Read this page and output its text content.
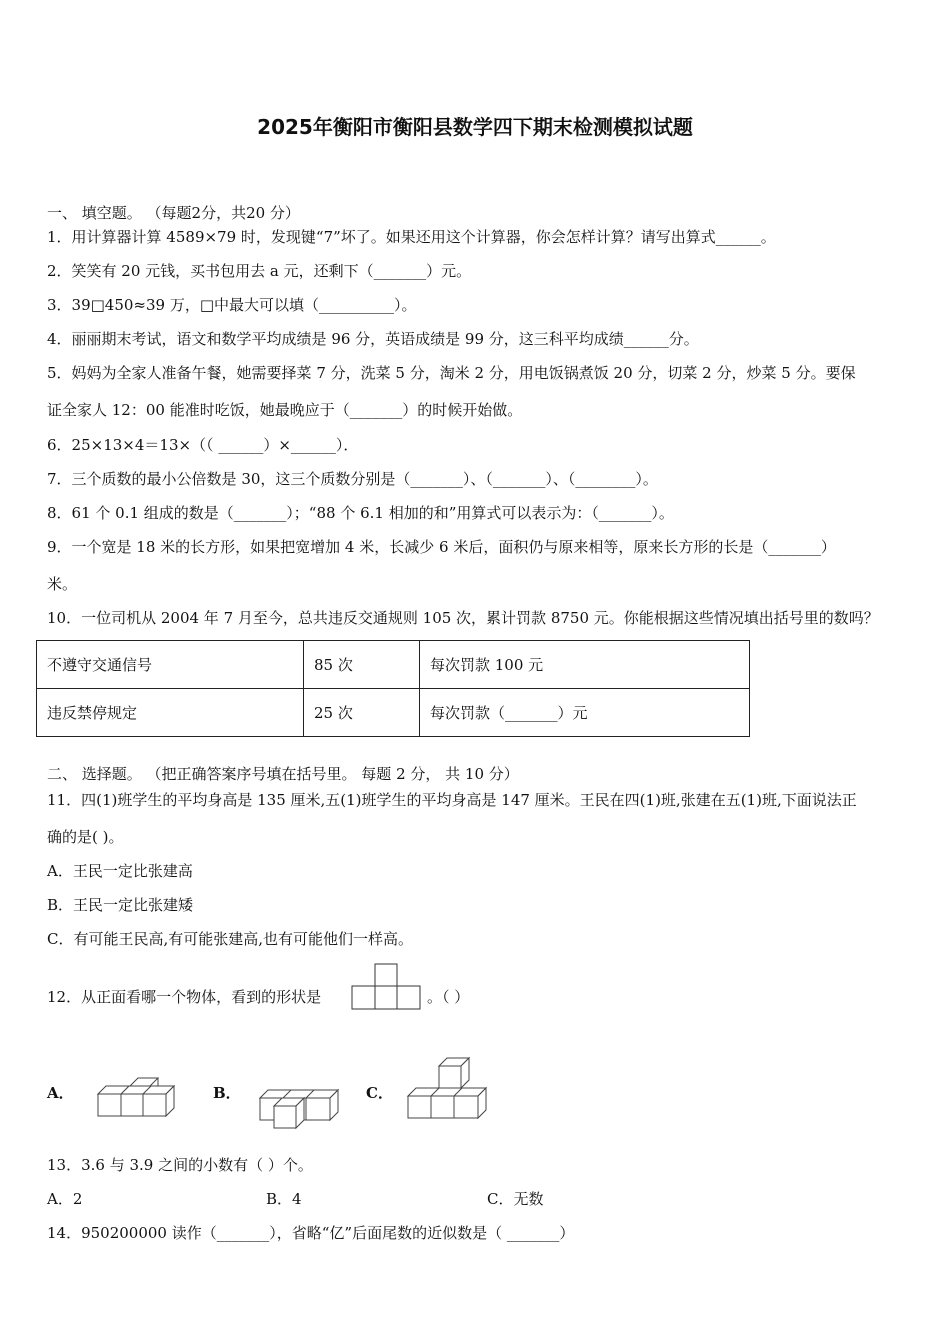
2025年衡阳市衡阳县数学四下期末检测模拟试题
一、 填空题。 （每题2分，共20 分）
1．用计算器计算 4589×79 时，发现键“7”坏了。如果还用这个计算器，你会怎样计算？请写出算式______。
2．笑笑有 20 元钱，买书包用去 a 元，还剩下（_______）元。
3．39□450≈39 万，□中最大可以填（__________）。
4．丽丽期末考试，语文和数学平均成绩是 96 分，英语成绩是 99 分，这三科平均成绩______分。
5．妈妈为全家人准备午餐，她需要择菜 7 分，洗菜 5 分，淘米 2 分，用电饭锅煮饭 20 分，切菜 2 分，炒菜 5 分。要保
证全家人 12：00 能准时吃饭，她最晚应于（_______）的时候开始做。
6．25×13×4＝13×（（ ______）×______）．
7．三个质数的最小公倍数是 30，这三个质数分别是（_______）、（_______）、（________）。
8．61 个 0.1 组成的数是（_______）；“88 个 6.1 相加的和”用算式可以表示为：（_______）。
9．一个宽是 18 米的长方形，如果把宽增加 4 米，长减少 6 米后，面积仍与原来相等，原来长方形的长是（_______）
米。
10．一位司机从 2004 年 7 月至今，总共违反交通规则 105 次，累计罚款 8750 元。你能根据这些情况填出括号里的数吗？
不遵守交通信号	85 次	每次罚款 100 元
违反禁停规定	25 次	每次罚款（_______）元
二、 选择题。 （把正确答案序号填在括号里。 每题 2 分， 共 10 分）
11．四(1)班学生的平均身高是 135 厘米,五(1)班学生的平均身高是 147 厘米。王民在四(1)班,张建在五(1)班,下面说法正
确的是( )。
A．王民一定比张建高
B．王民一定比张建矮
C．有可能王民高,有可能张建高,也有可能他们一样高。
12．从正面看哪一个物体，看到的形状是	。（ ）
A．	B．	C．
13．3.6 与 3.9 之间的小数有（ ）个。
A．2	B．4	C．无数
14．950200000 读作（_______），省略“亿”后面尾数的近似数是（ _______）
